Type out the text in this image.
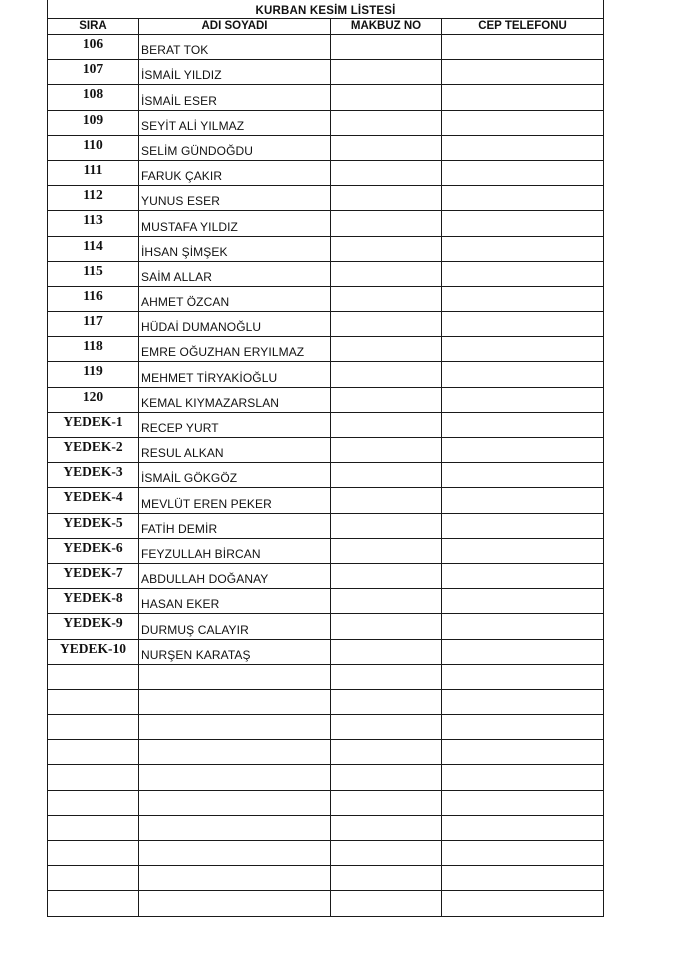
KURBAN KESİM LİSTESİ			
SIRA	ADI SOYADI	MAKBUZ NO	CEP TELEFONU
106	BERAT TOK		
107	İSMAİL YILDIZ		
108	İSMAİL ESER		
109	SEYİT ALİ YILMAZ		
110	SELİM GÜNDOĞDU		
111	FARUK ÇAKIR		
112	YUNUS ESER		
113	MUSTAFA YILDIZ		
114	İHSAN ŞİMŞEK		
115	SAİM ALLAR		
116	AHMET ÖZCAN		
117	HÜDAİ DUMANOĞLU		
118	EMRE OĞUZHAN ERYILMAZ		
119	MEHMET TİRYAKİOĞLU		
120	KEMAL KIYMAZARSLAN		
YEDEK-1	RECEP YURT		
YEDEK-2	RESUL ALKAN		
YEDEK-3	İSMAİL GÖKGÖZ		
YEDEK-4	MEVLÜT EREN PEKER		
YEDEK-5	FATİH DEMİR		
YEDEK-6	FEYZULLAH BİRCAN		
YEDEK-7	ABDULLAH DOĞANAY		
YEDEK-8	HASAN EKER		
YEDEK-9	DURMUŞ CALAYIR		
YEDEK-10	NURŞEN KARATAŞ		
